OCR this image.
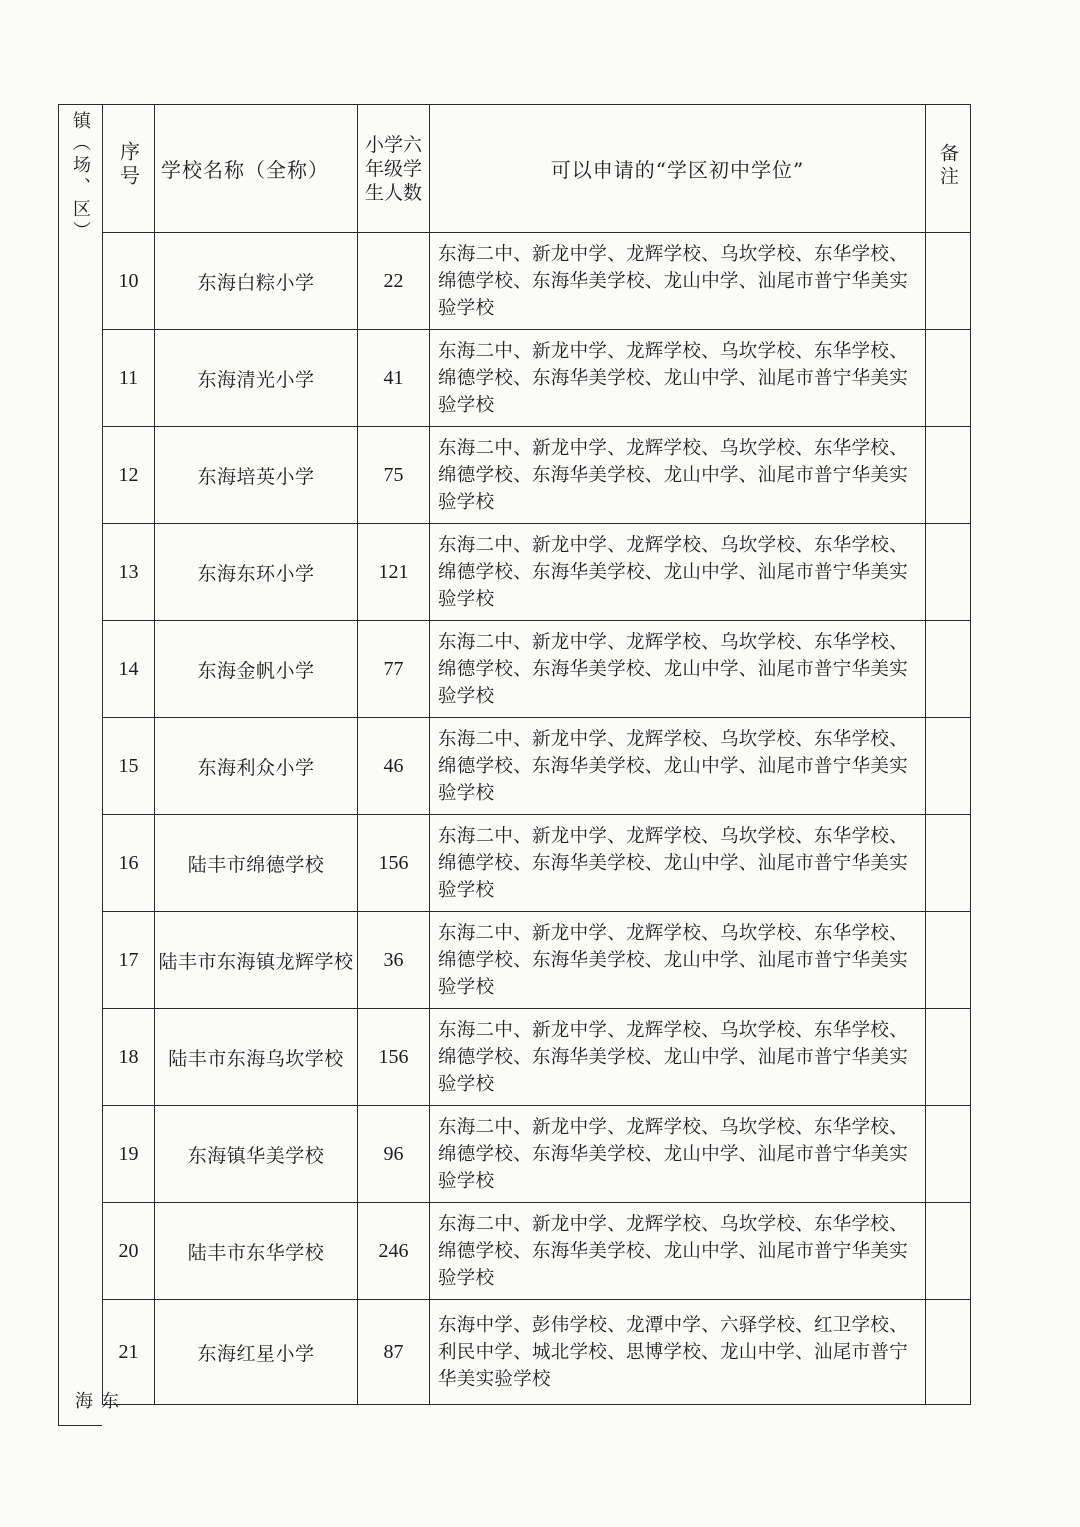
镇（场、区）
东海
序号	学校名称（全称）	小学六年级学生人数	可以申请的“学区初中学位”	备注
10	东海白粽小学	22	东海二中、新龙中学、龙辉学校、乌坎学校、东华学校、绵德学校、东海华美学校、龙山中学、汕尾市普宁华美实验学校	
11	东海清光小学	41	东海二中、新龙中学、龙辉学校、乌坎学校、东华学校、绵德学校、东海华美学校、龙山中学、汕尾市普宁华美实验学校	
12	东海培英小学	75	东海二中、新龙中学、龙辉学校、乌坎学校、东华学校、绵德学校、东海华美学校、龙山中学、汕尾市普宁华美实验学校	
13	东海东环小学	121	东海二中、新龙中学、龙辉学校、乌坎学校、东华学校、绵德学校、东海华美学校、龙山中学、汕尾市普宁华美实验学校	
14	东海金帆小学	77	东海二中、新龙中学、龙辉学校、乌坎学校、东华学校、绵德学校、东海华美学校、龙山中学、汕尾市普宁华美实验学校	
15	东海利众小学	46	东海二中、新龙中学、龙辉学校、乌坎学校、东华学校、绵德学校、东海华美学校、龙山中学、汕尾市普宁华美实验学校	
16	陆丰市绵德学校	156	东海二中、新龙中学、龙辉学校、乌坎学校、东华学校、绵德学校、东海华美学校、龙山中学、汕尾市普宁华美实验学校	
17	陆丰市东海镇龙辉学校	36	东海二中、新龙中学、龙辉学校、乌坎学校、东华学校、绵德学校、东海华美学校、龙山中学、汕尾市普宁华美实验学校	
18	陆丰市东海乌坎学校	156	东海二中、新龙中学、龙辉学校、乌坎学校、东华学校、绵德学校、东海华美学校、龙山中学、汕尾市普宁华美实验学校	
19	东海镇华美学校	96	东海二中、新龙中学、龙辉学校、乌坎学校、东华学校、绵德学校、东海华美学校、龙山中学、汕尾市普宁华美实验学校	
20	陆丰市东华学校	246	东海二中、新龙中学、龙辉学校、乌坎学校、东华学校、绵德学校、东海华美学校、龙山中学、汕尾市普宁华美实验学校	
21	东海红星小学	87	东海中学、彭伟学校、龙潭中学、六驿学校、红卫学校、利民中学、城北学校、思博学校、龙山中学、汕尾市普宁华美实验学校	
